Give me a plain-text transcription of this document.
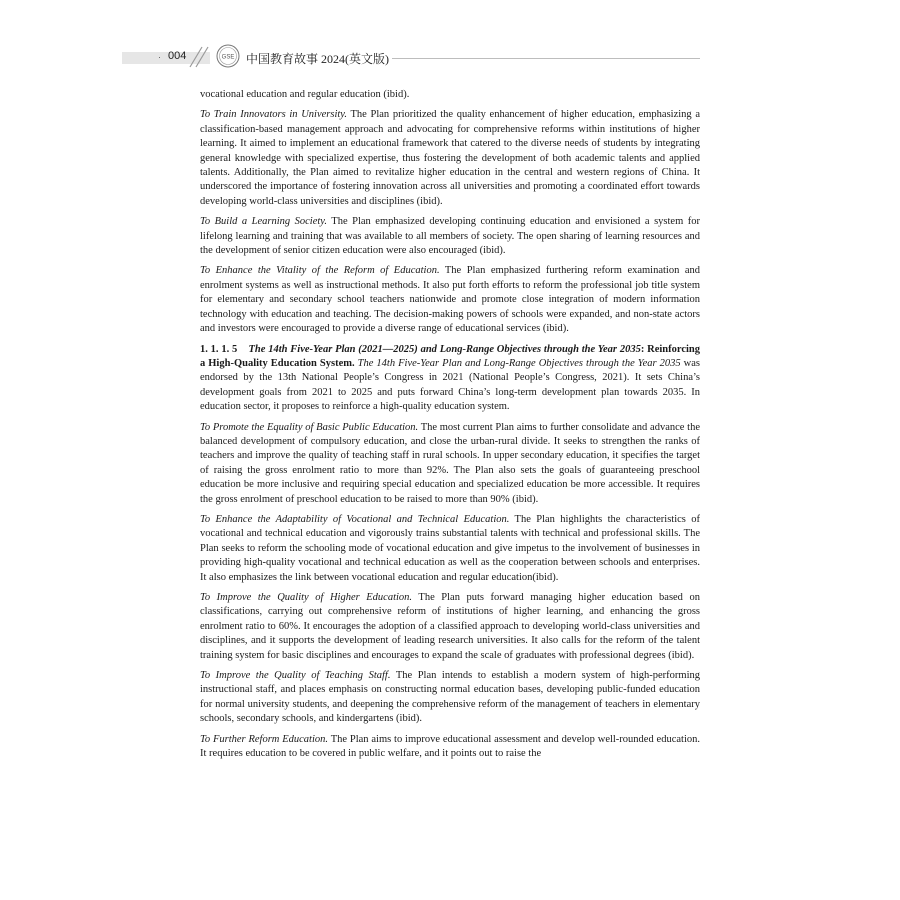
· 004	GSE 中国教育故事 2024(英文版)

vocational education and regular education (ibid).

To Train Innovators in University. The Plan prioritized the quality enhancement of higher education, emphasizing a classification-based management approach and advocating for comprehensive reforms within institutions of higher learning. It aimed to implement an educational framework that catered to the diverse needs of students by integrating general knowledge with specialized expertise, thus fostering the development of both academic talents and applied talents. Additionally, the Plan aimed to revitalize higher education in the central and western regions of China. It underscored the importance of fostering innovation across all universities and promoting a coordinated effort towards developing world-class universities and disciplines (ibid).

To Build a Learning Society. The Plan emphasized developing continuing education and envisioned a system for lifelong learning and training that was available to all members of society. The open sharing of learning resources and the development of senior citizen education were also encouraged (ibid).

To Enhance the Vitality of the Reform of Education. The Plan emphasized furthering reform examination and enrolment systems as well as instructional methods. It also put forth efforts to reform the professional job title system for elementary and secondary school teachers nationwide and promote close integration of modern information technology with education and teaching. The decision-making powers of schools were expanded, and non-state actors and investors were encouraged to provide a diverse range of educational services (ibid).

1. 1. 1. 5 The 14th Five-Year Plan (2021—2025) and Long-Range Objectives through the Year 2035: Reinforcing a High-Quality Education System. The 14th Five-Year Plan and Long-Range Objectives through the Year 2035 was endorsed by the 13th National People’s Congress in 2021 (National People’s Congress, 2021). It sets China’s development goals from 2021 to 2025 and puts forward China’s long-term development plan towards 2035. In education sector, it proposes to reinforce a high-quality education system.

To Promote the Equality of Basic Public Education. The most current Plan aims to further consolidate and advance the balanced development of compulsory education, and close the urban-rural divide. It seeks to strengthen the ranks of teachers and improve the quality of teaching staff in rural schools. In upper secondary education, it specifies the target of raising the gross enrolment ratio to more than 92%. The Plan also sets the goals of guaranteeing preschool education be more inclusive and requiring special education and specialized education be more accessible. It requires the gross enrolment of preschool education to be raised to more than 90% (ibid).

To Enhance the Adaptability of Vocational and Technical Education. The Plan highlights the characteristics of vocational and technical education and vigorously trains substantial talents with technical and professional skills. The Plan seeks to reform the schooling mode of vocational education and give impetus to the involvement of businesses in providing high-quality vocational and technical education as well as the cooperation between schools and enterprises. It also emphasizes the link between vocational education and regular education(ibid).

To Improve the Quality of Higher Education. The Plan puts forward managing higher education based on classifications, carrying out comprehensive reform of institutions of higher learning, and enhancing the gross enrolment ratio to 60%. It encourages the adoption of a classified approach to developing world-class universities and disciplines, and it supports the development of leading research universities. It also calls for the reform of the talent training system for basic disciplines and encourages to expand the scale of graduates with professional degrees (ibid).

To Improve the Quality of Teaching Staff. The Plan intends to establish a modern system of high-performing instructional staff, and places emphasis on constructing normal education bases, developing public-funded education for normal university students, and deepening the comprehensive reform of the management of teachers in elementary schools, secondary schools, and kindergartens (ibid).

To Further Reform Education. The Plan aims to improve educational assessment and develop well-rounded education. It requires education to be covered in public welfare, and it points out to raise the
